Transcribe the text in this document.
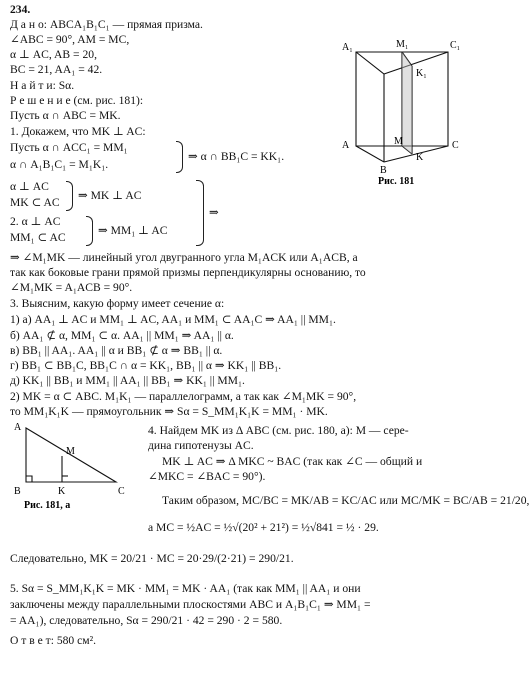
234.
Д а н о: ABCA₁B₁C₁ — прямая призма.
∠ABC = 90°, AM = MC,
α ⊥ AC, AB = 20,
BC = 21, AA₁ = 42.
Н а й т и: Sα.
Р е ш е н и е (см. рис. 181):
Пусть α ∩ ABC = MK.
1. Докажем, что MK ⊥ AC:
Пусть α ∩ ACC₁ = MM₁
α ∩ A₁B₁C₁ = M₁K₁.
⇒ α ∩ BB₁C = KK₁.
α ⊥ AC
MK ⊂ AC
⇒ MK ⊥ AC
2. α ⊥ AC
MM₁ ⊂ AC
⇒ MM₁ ⊥ AC
⇒
⇒ ∠M₁MK — линейный угол двугранного угла M₁ACK или A₁ACB, а
так как боковые грани прямой призмы перпендикулярны основанию, то
∠M₁MK = A₁ACB = 90°.
3. Выясним, какую форму имеет сечение α:
1) а) AA₁ ⊥ AC и MM₁ ⊥ AC, AA₁ и MM₁ ⊂ AA₁C ⇒ AA₁ || MM₁.
б) AA₁ ⊄ α, MM₁ ⊂ α. AA₁ || MM₁ ⇒ AA₁ || α.
в) BB₁ || AA₁. AA₁ || α и BB₁ ⊄ α ⇒ BB₁ || α.
г) BB₁ ⊂ BB₁C, BB₁C ∩ α = KK₁, BB₁ || α ⇒ KK₁ || BB₁.
д) KK₁ || BB₁ и MM₁ || AA₁ || BB₁ ⇒ KK₁ || MM₁.
2) MK = α ⊂ ABC. M₁K₁ — параллелограмм, а так как ∠M₁MK = 90°,
то MM₁K₁K — прямоугольник ⇒ Sα = S_MM₁K₁K = MM₁ · MK.
4. Найдем MK из Δ ABC (см. рис. 180, а): M — сере-
дина гипотенузы AC.
MK ⊥ AC ⇒ Δ MKC ~ BAC (так как ∠C — общий и
∠MKC = ∠BAC = 90°).
Таким образом, MC/BC = MK/AB = KC/AC или MC/MK = BC/AB = 21/20,
a MC = ½AC = ½√(20² + 21²) = ½√841 = ½ · 29.
Следовательно, MK = 20/21 · MC = 20·29/(2·21) = 290/21.
5. Sα = S_MM₁K₁K = MK · MM₁ = MK · AA₁ (так как MM₁ || AA₁ и они
заключены между параллельными плоскостями ABC и A₁B₁C₁ ⇒ MM₁ =
= AA₁), следовательно, Sα = 290/21 · 42 = 290 · 2 = 580.
О т в е т: 580 см².
A₁	M₁	C₁
K₁
A	M	C
B
K
Рис. 181
A
M
B	K	C
Рис. 181, а
